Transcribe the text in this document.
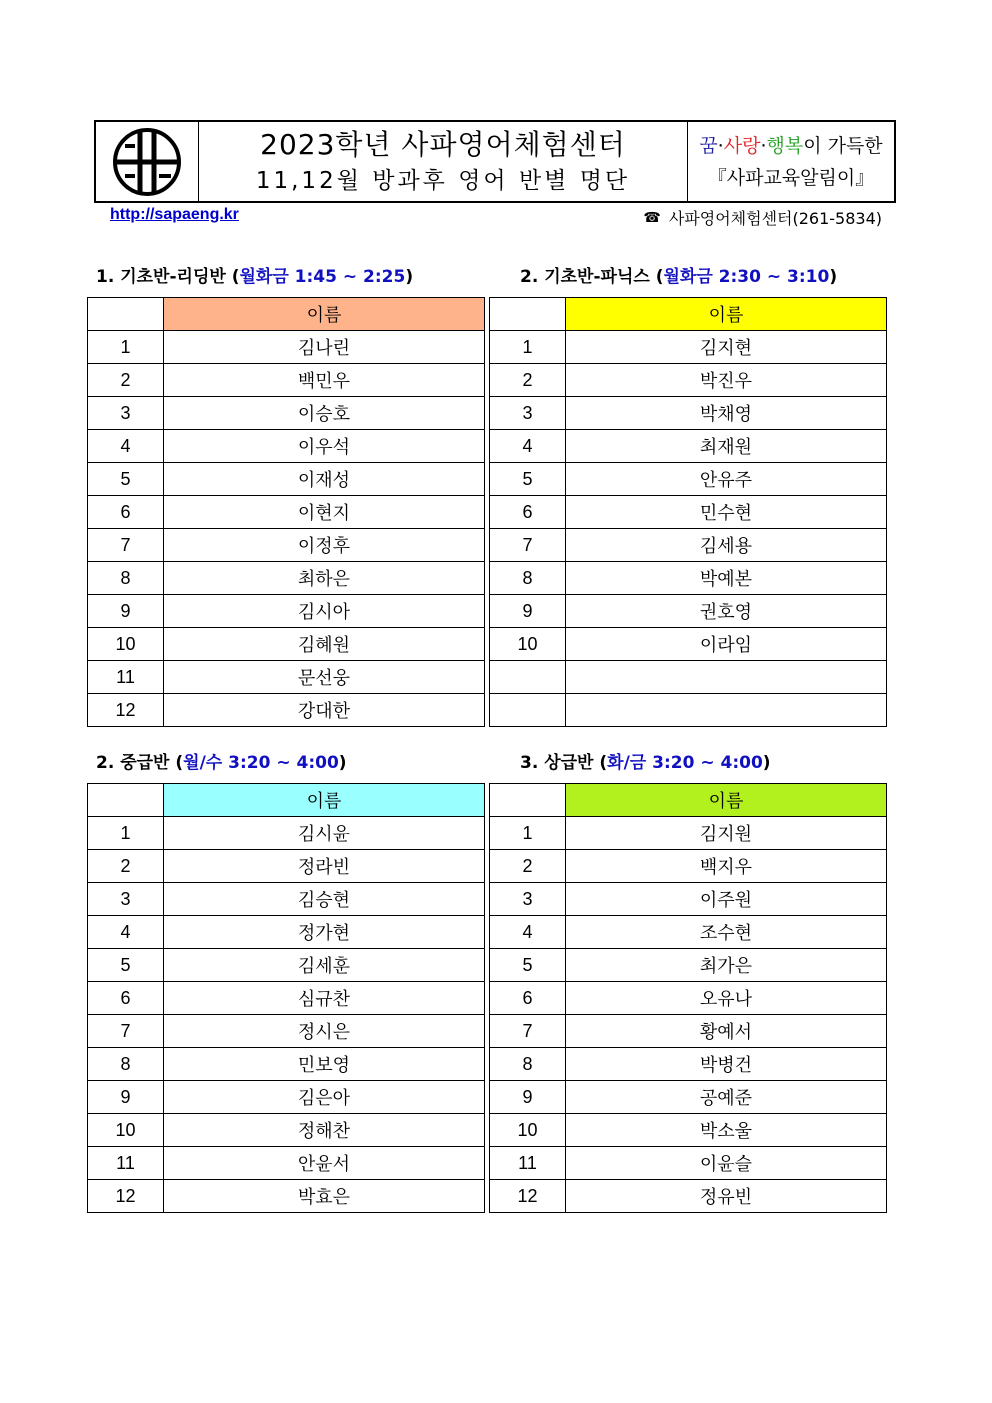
2023학년 사파영어체험센터
11,12월 방과후 영어 반별 명단
꿈·사랑·행복이 가득한
『사파교육알림이』
http://sapaeng.kr	☎ 사파영어체험센터(261-5834)
1. 기초반-리딩반 (월화금 1:45 ~ 2:25)
	이름
1	김나린
2	백민우
3	이승호
4	이우석
5	이재성
6	이현지
7	이정후
8	최하은
9	김시아
10	김혜원
11	문선웅
12	강대한
2. 기초반-파닉스 (월화금 2:30 ~ 3:10)
	이름
1	김지현
2	박진우
3	박채영
4	최재원
5	안유주
6	민수현
7	김세용
8	박예본
9	권호영
10	이라임

2. 중급반 (월/수 3:20 ~ 4:00)
	이름
1	김시윤
2	정라빈
3	김승현
4	정가현
5	김세훈
6	심규찬
7	정시은
8	민보영
9	김은아
10	정해찬
11	안윤서
12	박효은
3. 상급반 (화/금 3:20 ~ 4:00)
	이름
1	김지원
2	백지우
3	이주원
4	조수현
5	최가은
6	오유나
7	황예서
8	박병건
9	공예준
10	박소울
11	이윤슬
12	정유빈
